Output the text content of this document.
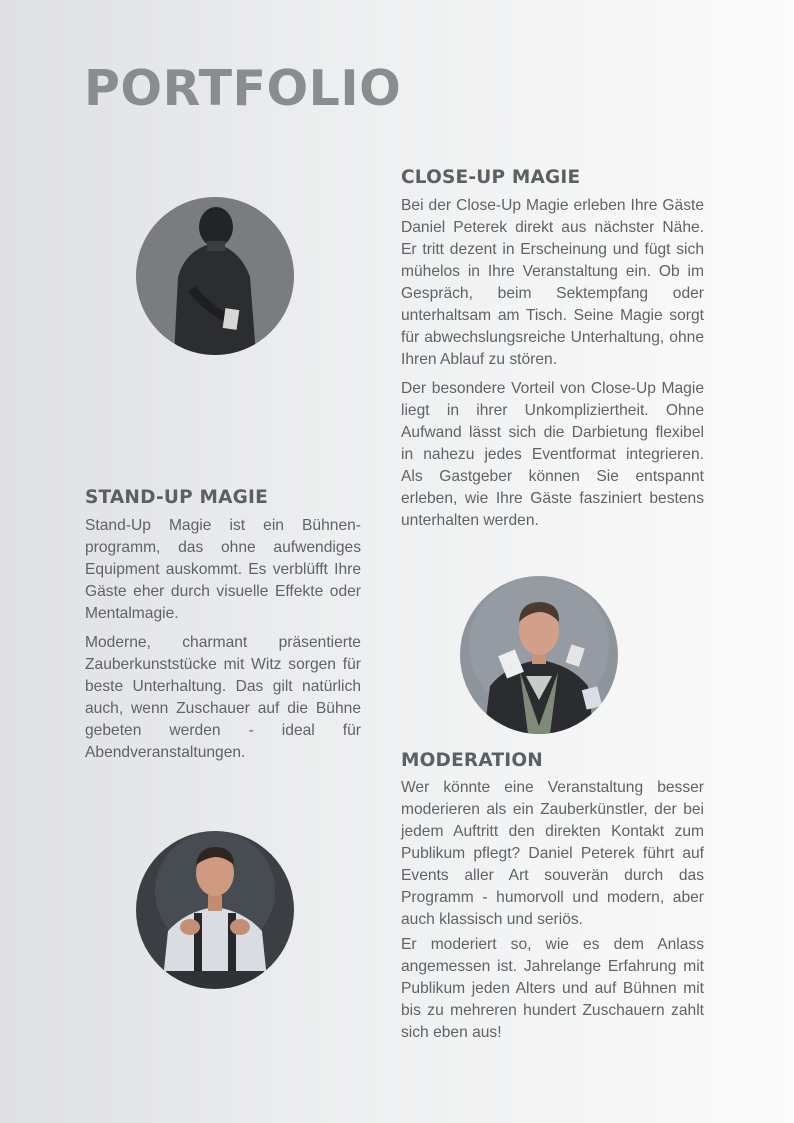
PORTFOLIO
CLOSE-UP MAGIE

Bei der Close-Up Magie erleben Ihre Gäste Daniel Peterek direkt aus nächster Nähe. Er tritt dezent in Erscheinung und fügt sich mühelos in Ihre Veranstaltung ein. Ob im Gespräch, beim Sektempfang oder unterhaltsam am Tisch. Seine Magie sorgt für abwechslungsreiche Unterhaltung, ohne Ihren Ablauf zu stören.

Der besondere Vorteil von Close-Up Magie liegt in ihrer Unkompliziertheit. Ohne Aufwand lässt sich die Darbietung flexibel in nahezu jedes Eventformat integrieren. Als Gastgeber können Sie entspannt erleben, wie Ihre Gäste fasziniert bestens unterhalten werden.

STAND-UP MAGIE

Stand-Up Magie ist ein Bühnenprogramm, das ohne aufwendiges Equipment auskommt. Es verblüfft Ihre Gäste eher durch visuelle Effekte oder Mentalmagie.

Moderne, charmant präsentierte Zauberkunststücke mit Witz sorgen für beste Unterhaltung. Das gilt natürlich auch, wenn Zuschauer auf die Bühne gebeten werden - ideal für Abendveranstaltungen.	MODERATION

Wer könnte eine Veranstaltung besser moderieren als ein Zauberkünstler, der bei jedem Auftritt den direkten Kontakt zum Publikum pflegt? Daniel Peterek führt auf Events aller Art souverän durch das Programm - humorvoll und modern, aber auch klassisch und seriös.

Er moderiert so, wie es dem Anlass angemessen ist. Jahrelange Erfahrung mit Publikum jeden Alters und auf Bühnen mit bis zu mehreren hundert Zuschauern zahlt sich eben aus!
